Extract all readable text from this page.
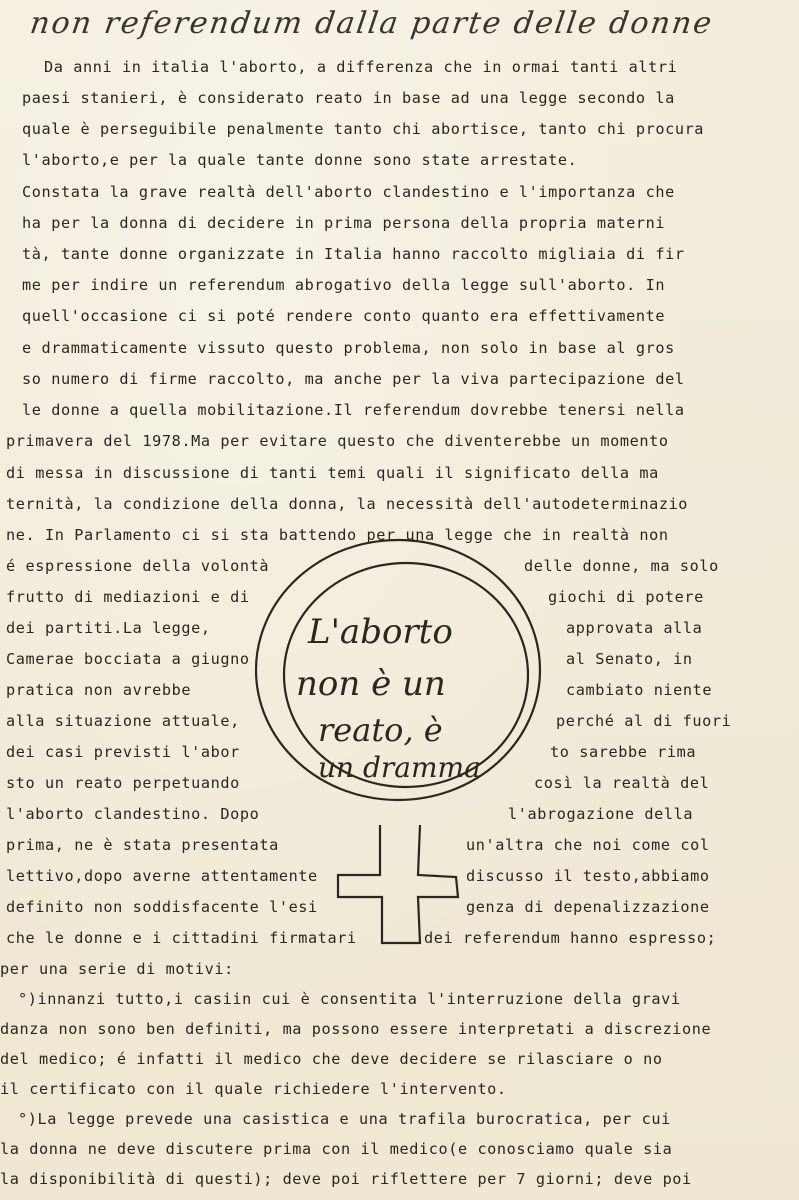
non referendum dalla parte delle donne
Da anni in italia l'aborto, a differenza che in ormai tanti altri
paesi stanieri, è considerato reato in base ad una legge secondo la
quale è perseguibile penalmente tanto chi abortisce, tanto chi procura
l'aborto,e per la quale tante donne sono state arrestate.
Constata la grave realtà dell'aborto clandestino e l'importanza che
ha per la donna di decidere in prima persona della propria materni
tà, tante donne organizzate in Italia hanno raccolto migliaia di fir
me per indire un referendum abrogativo della legge sull'aborto. In
quell'occasione ci si poté rendere conto quanto era effettivamente
e drammaticamente vissuto questo problema, non solo in base al gros
so numero di firme raccolto, ma anche per la viva partecipazione del
le donne a quella mobilitazione.Il referendum dovrebbe tenersi nella
primavera del 1978.Ma per evitare questo che diventerebbe un momento
di messa in discussione di tanti temi quali il significato della ma
ternità, la condizione della donna, la necessità dell'autodeterminazio
ne. In Parlamento ci si sta battendo per una legge che in realtà non
é espressione della volontà
frutto di mediazioni e di
dei partiti.La legge,
Camerae bocciata a giugno
pratica non avrebbe
alla situazione attuale,
dei casi previsti l'abor
sto un reato perpetuando
l'aborto clandestino. Dopo
prima, ne è stata presentata
lettivo,dopo averne attentamente
definito non soddisfacente l'esi
che le donne e i cittadini firmatari
delle donne, ma solo
giochi di potere
approvata alla
al Senato, in
cambiato niente
perché al di fuori
to sarebbe rima
così la realtà del
l'abrogazione della
un'altra che noi come col
discusso il testo,abbiamo
genza di depenalizzazione
dei referendum hanno espresso;
per una serie di motivi:
°)innanzi tutto,i casiin cui è consentita l'interruzione della gravi
danza non sono ben definiti, ma possono essere interpretati a discrezione
del medico; é infatti il medico che deve decidere se rilasciare o no
il certificato con il quale richiedere l'intervento.
°)La legge prevede una casistica e una trafila burocratica, per cui
la donna ne deve discutere prima con il medico(e conosciamo quale sia
la disponibilità di questi); deve poi riflettere per 7 giorni; deve poi
L'aborto
non è un
reato, è
un dramma
